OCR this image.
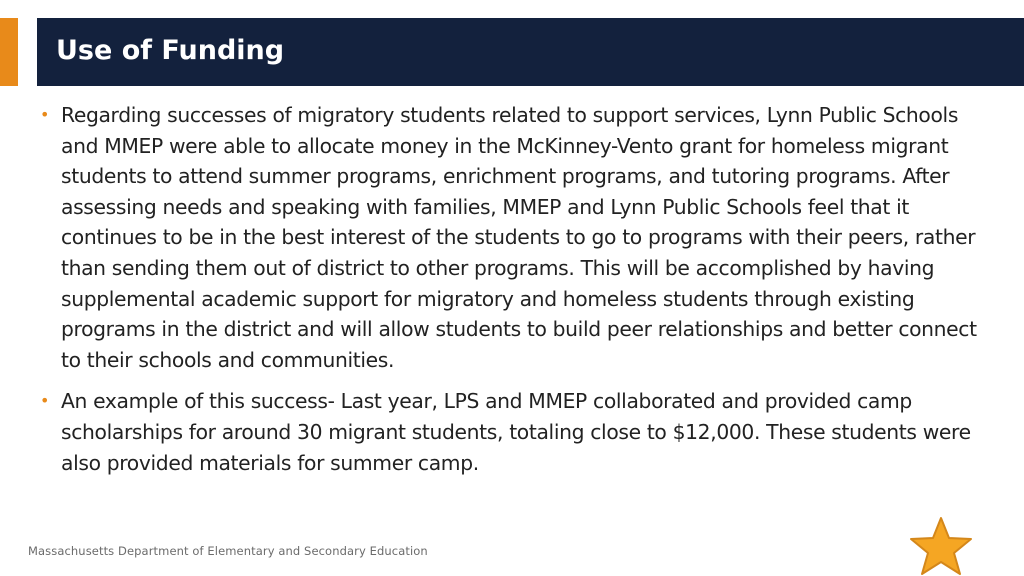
Use of Funding
• Regarding successes of migratory students related to support services, Lynn Public Schools and MMEP were able to allocate money in the McKinney-Vento grant for homeless migrant students to attend summer programs, enrichment programs, and tutoring programs. After assessing needs and speaking with families, MMEP and Lynn Public Schools feel that it continues to be in the best interest of the students to go to programs with their peers, rather than sending them out of district to other programs. This will be accomplished by having supplemental academic support for migratory and homeless students through existing programs in the district and will allow students to build peer relationships and better connect to their schools and communities.
• An example of this success- Last year, LPS and MMEP collaborated and provided camp scholarships for around 30 migrant students, totaling close to $12,000. These students were also provided materials for summer camp.
Massachusetts Department of Elementary and Secondary Education
